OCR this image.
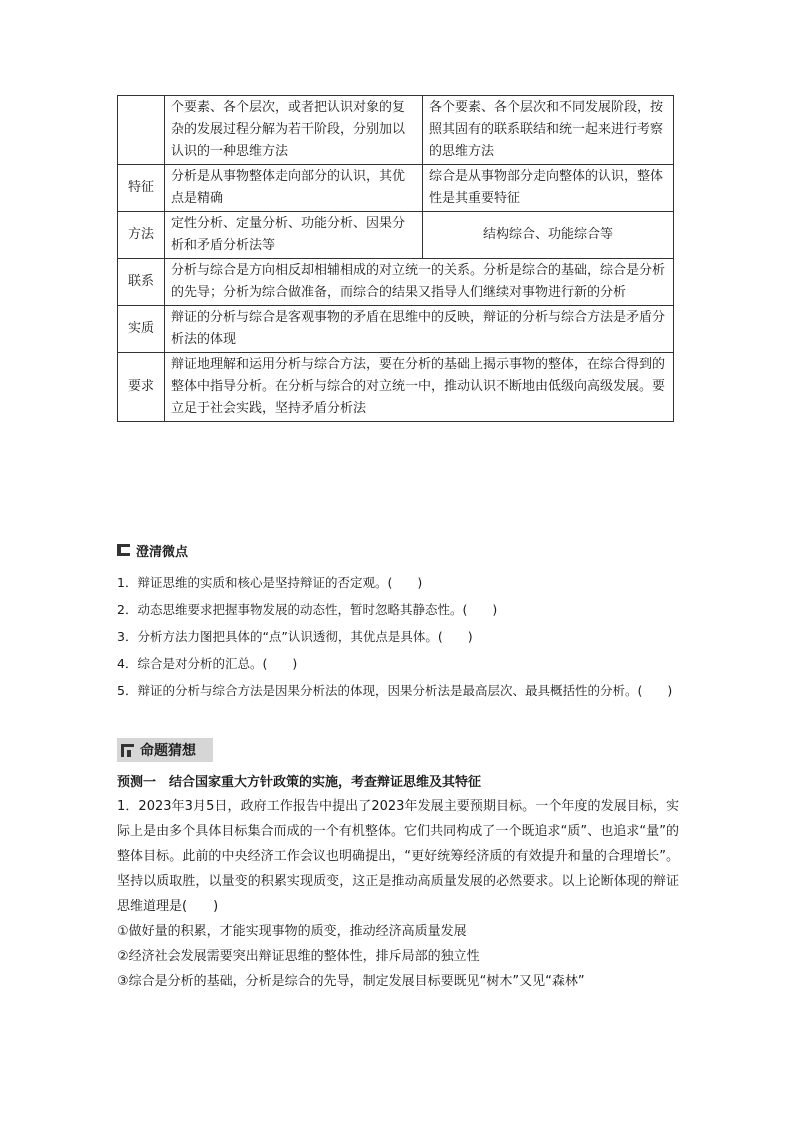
	个要素、各个层次，或者把认识对象的复杂的发展过程分解为若干阶段，分别加以认识的一种思维方法	各个要素、各个层次和不同发展阶段，按照其固有的联系联结和统一起来进行考察的思维方法
特征	分析是从事物整体走向部分的认识，其优点是精确	综合是从事物部分走向整体的认识，整体性是其重要特征
方法	定性分析、定量分析、功能分析、因果分析和矛盾分析法等	结构综合、功能综合等
联系	分析与综合是方向相反却相辅相成的对立统一的关系。分析是综合的基础，综合是分析的先导；分析为综合做准备，而综合的结果又指导人们继续对事物进行新的分析	
实质	辩证的分析与综合是客观事物的矛盾在思维中的反映，辩证的分析与综合方法是矛盾分析法的体现	
要求	辩证地理解和运用分析与综合方法，要在分析的基础上揭示事物的整体，在综合得到的整体中指导分析。在分析与综合的对立统一中，推动认识不断地由低级向高级发展。要立足于社会实践，坚持矛盾分析法	
澄清微点
1．辩证思维的实质和核心是坚持辩证的否定观。(　　)
2．动态思维要求把握事物发展的动态性，暂时忽略其静态性。(　　)
3．分析方法力图把具体的“点”认识透彻，其优点是具体。(　　)
4．综合是对分析的汇总。(　　)
5．辩证的分析与综合方法是因果分析法的体现，因果分析法是最高层次、最具概括性的分析。(　　)
命题猜想
预测一　结合国家重大方针政策的实施，考查辩证思维及其特征
1．2023年3月5日，政府工作报告中提出了2023年发展主要预期目标。一个年度的发展目标，实际上是由多个具体目标集合而成的一个有机整体。它们共同构成了一个既追求“质”、也追求“量”的整体目标。此前的中央经济工作会议也明确提出，“更好统筹经济质的有效提升和量的合理增长”。坚持以质取胜，以量变的积累实现质变，这正是推动高质量发展的必然要求。以上论断体现的辩证思维道理是(　　)
①做好量的积累，才能实现事物的质变，推动经济高质量发展
②经济社会发展需要突出辩证思维的整体性，排斥局部的独立性
③综合是分析的基础，分析是综合的先导，制定发展目标要既见“树木”又见“森林”
